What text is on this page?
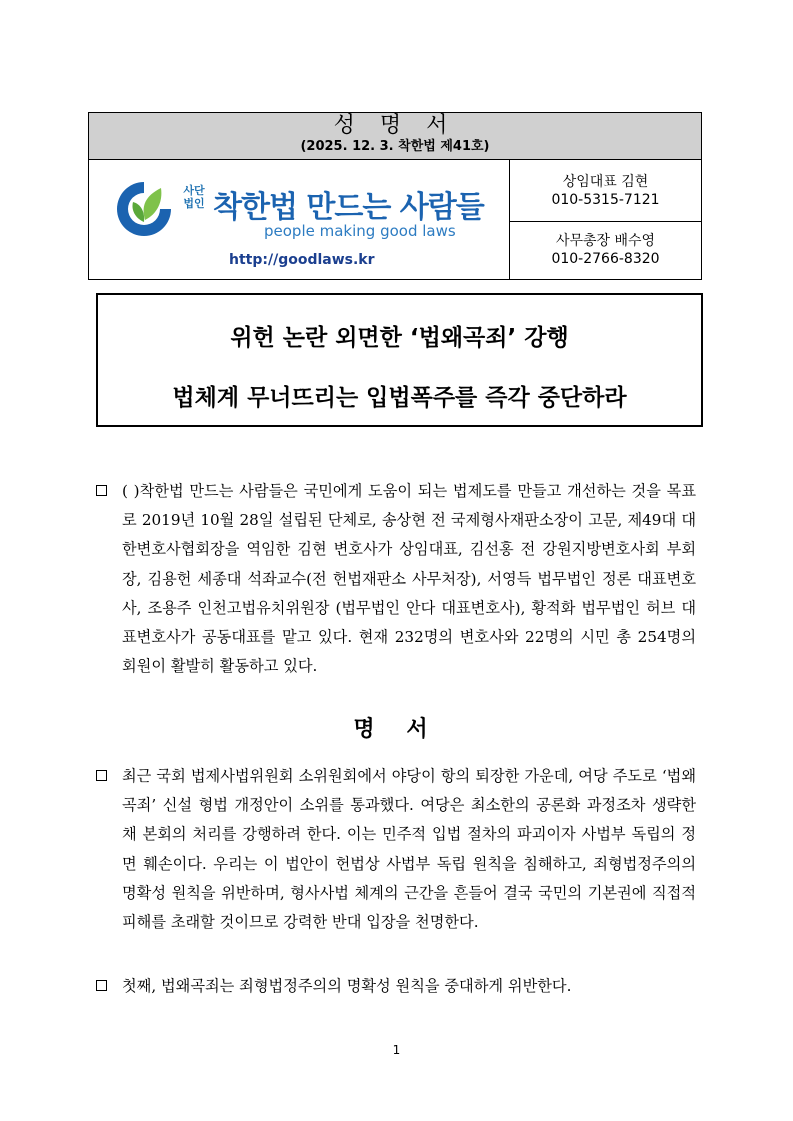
성 명 서
(2025. 12. 3. 착한법 제41호)
사단
법인 착한법 만드는 사람들
people making good laws
http://goodlaws.kr
상임대표 김현
010-5315-7121
사무총장 배수영
010-2766-8320
위헌 논란 외면한 ‘법왜곡죄’ 강행
법체계 무너뜨리는 입법폭주를 즉각 중단하라
( )착한법 만드는 사람들은 국민에게 도움이 되는 법제도를 만들고 개선하는 것을 목표로 2019년 10월 28일 설립된 단체로, 송상현 전 국제형사재판소장이 고문, 제49대 대한변호사협회장을 역임한 김현 변호사가 상임대표, 김선홍 전 강원지방변호사회 부회장, 김용헌 세종대 석좌교수(전 헌법재판소 사무처장), 서영득 법무법인 정론 대표변호사, 조용주 인천고법유치위원장 (법무법인 안다 대표변호사), 황적화 법무법인 허브 대표변호사가 공동대표를 맡고 있다. 현재 232명의 변호사와 22명의 시민 총 254명의 회원이 활발히 활동하고 있다.
명 서
최근 국회 법제사법위원회 소위원회에서 야당이 항의 퇴장한 가운데, 여당 주도로 ‘법왜곡죄’ 신설 형법 개정안이 소위를 통과했다. 여당은 최소한의 공론화 과정조차 생략한 채 본회의 처리를 강행하려 한다. 이는 민주적 입법 절차의 파괴이자 사법부 독립의 정면 훼손이다. 우리는 이 법안이 헌법상 사법부 독립 원칙을 침해하고, 죄형법정주의의 명확성 원칙을 위반하며, 형사사법 체계의 근간을 흔들어 결국 국민의 기본권에 직접적 피해를 초래할 것이므로 강력한 반대 입장을 천명한다.
첫째, 법왜곡죄는 죄형법정주의의 명확성 원칙을 중대하게 위반한다.
1
